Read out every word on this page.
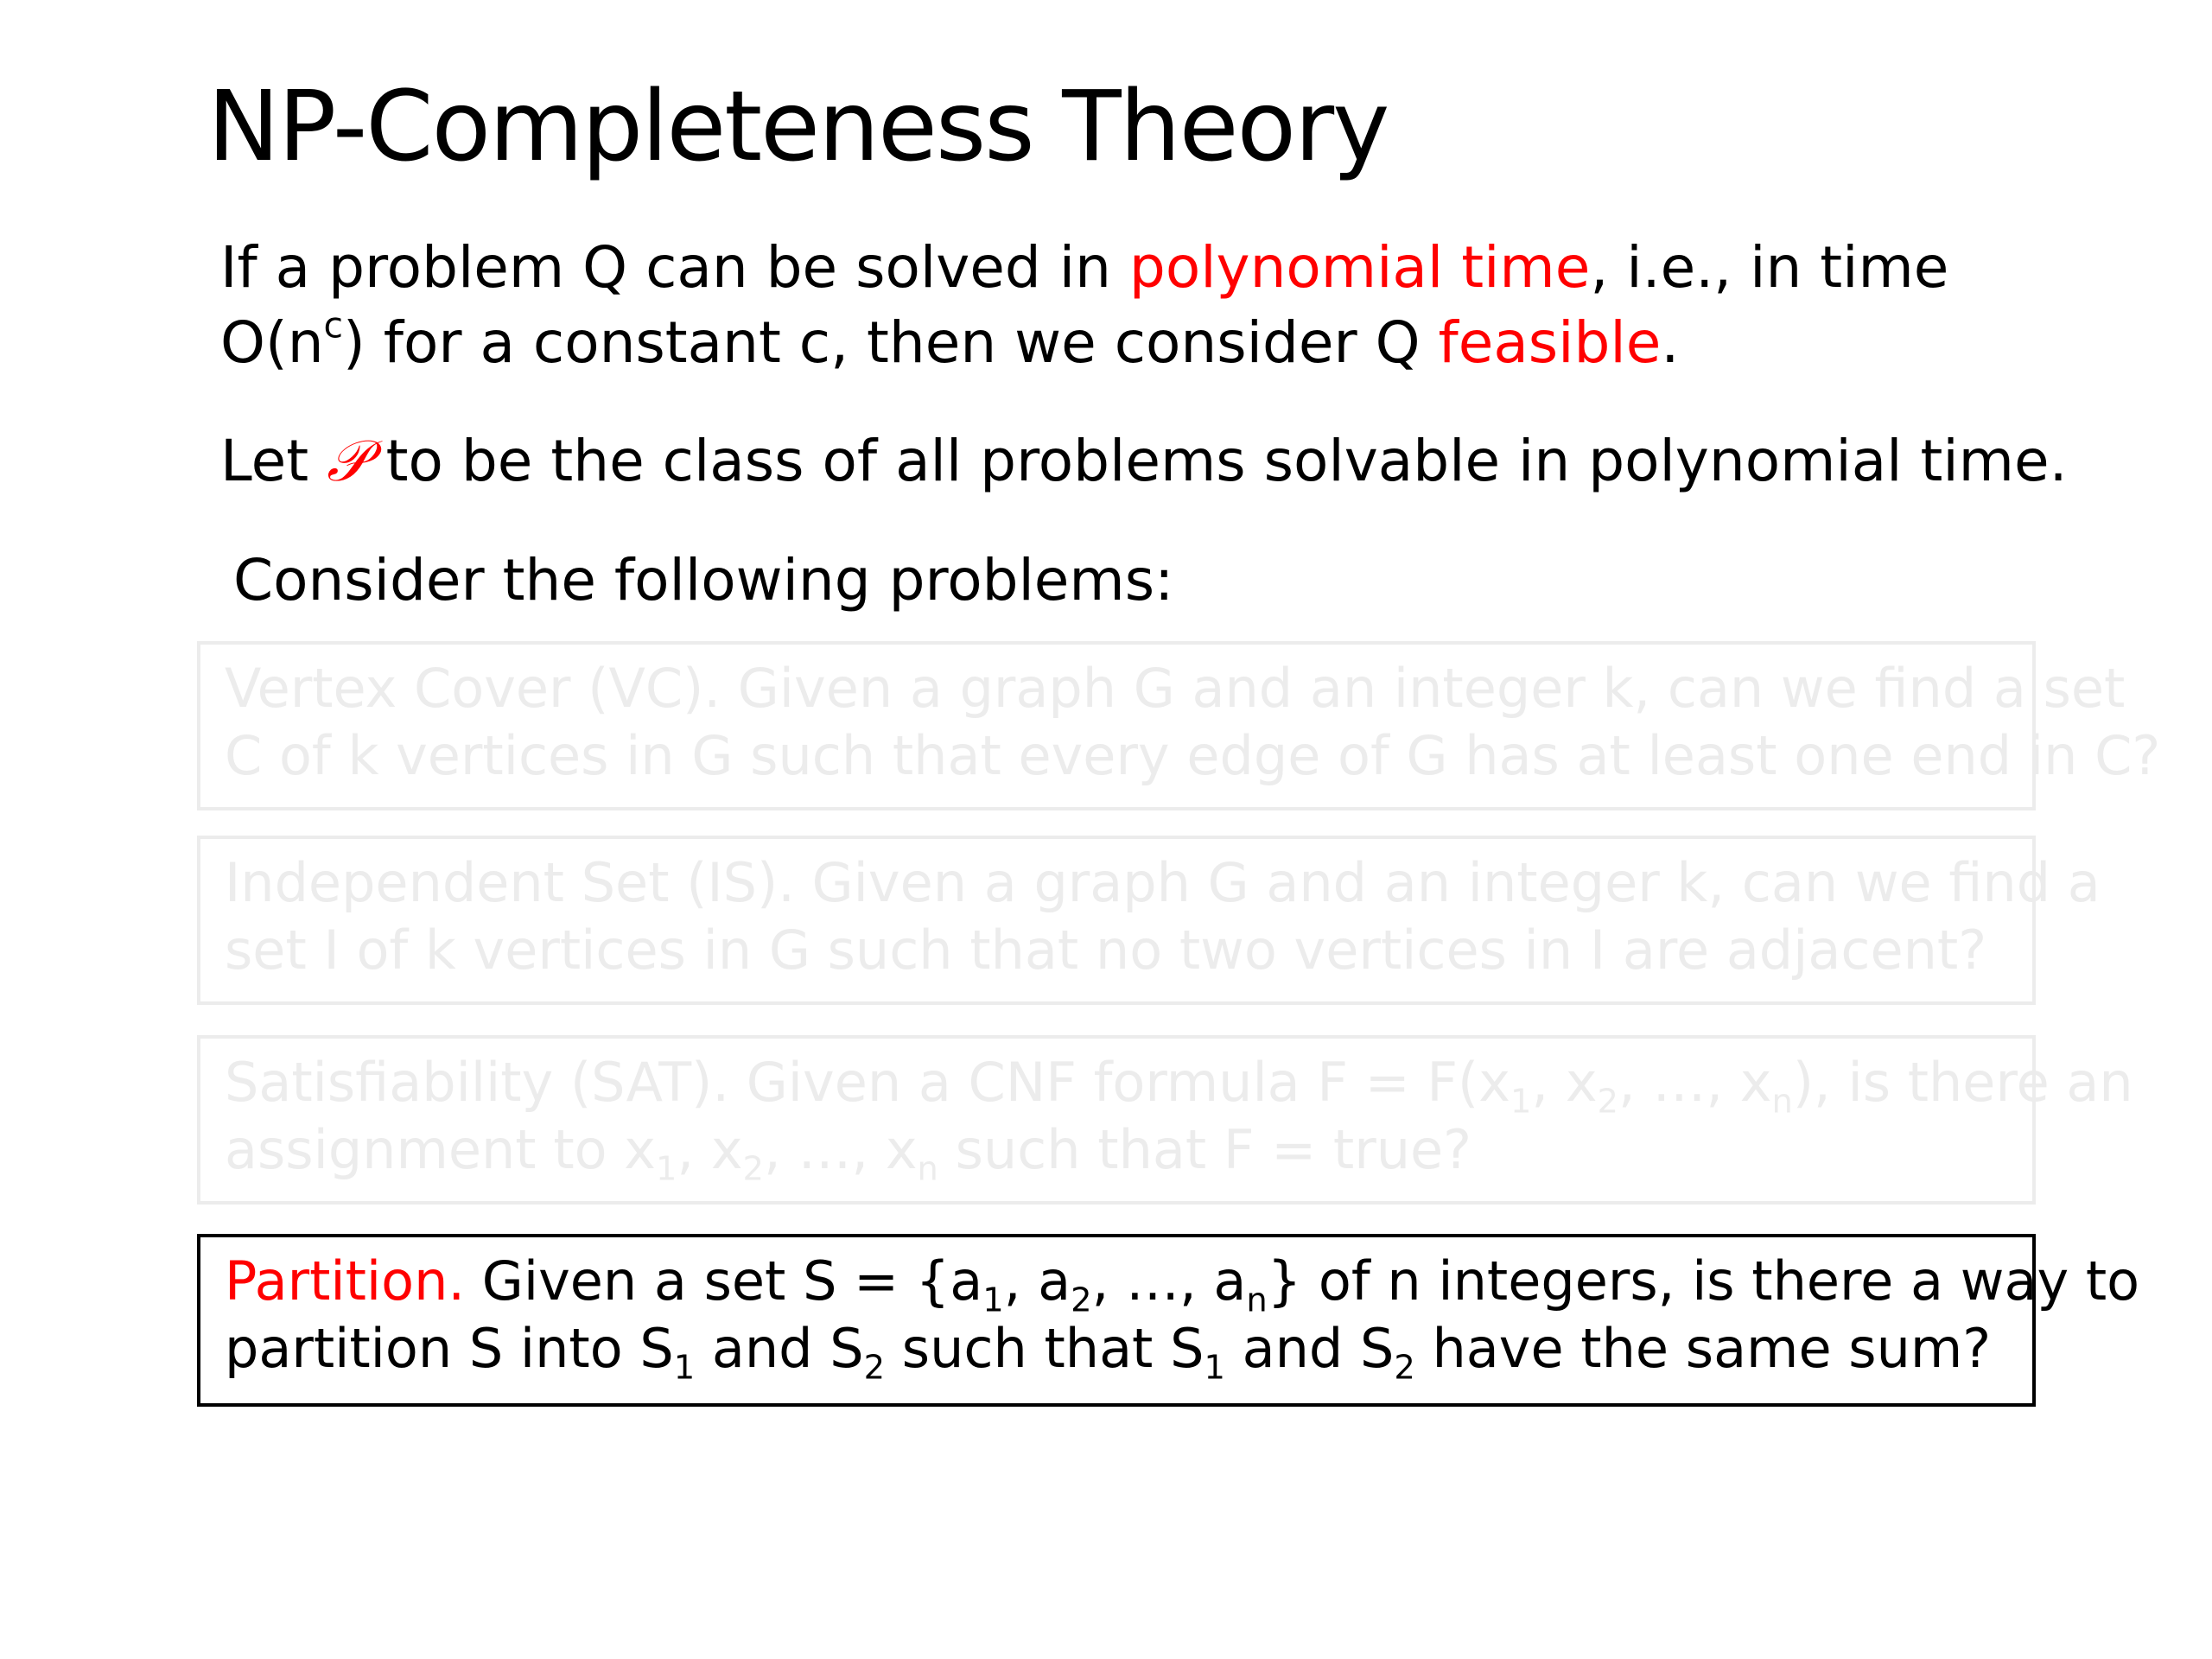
NP-Completeness Theory

If a problem Q can be solved in polynomial time, i.e., in time
$O(n^c)$ for a constant c, then we consider Q feasible.

Let 𝒫 to be the class of all problems solvable in polynomial time.

Consider the following problems:

Vertex Cover (VC). Given a graph G and an integer k, can we find a set
C of k vertices in G such that every edge of G has at least one end in C?
Independent Set (IS). Given a graph G and an integer k, can we find a
set I of k vertices in G such that no two vertices in I are adjacent?
Satisfiability (SAT). Given a CNF formula $F = F(x_1$, $x_2$, …, $x_n$), is there an
assignment to $x_1$, $x_2$, …, $x_n$ such that F = true?
Partition. Given a set $S = \{a_1$, $a_2$, …, $a_n$} of n integers, is there a way to
partition S into $S_1$ and $S_2$ such that $S_1$ and $S_2$ have the same sum?
